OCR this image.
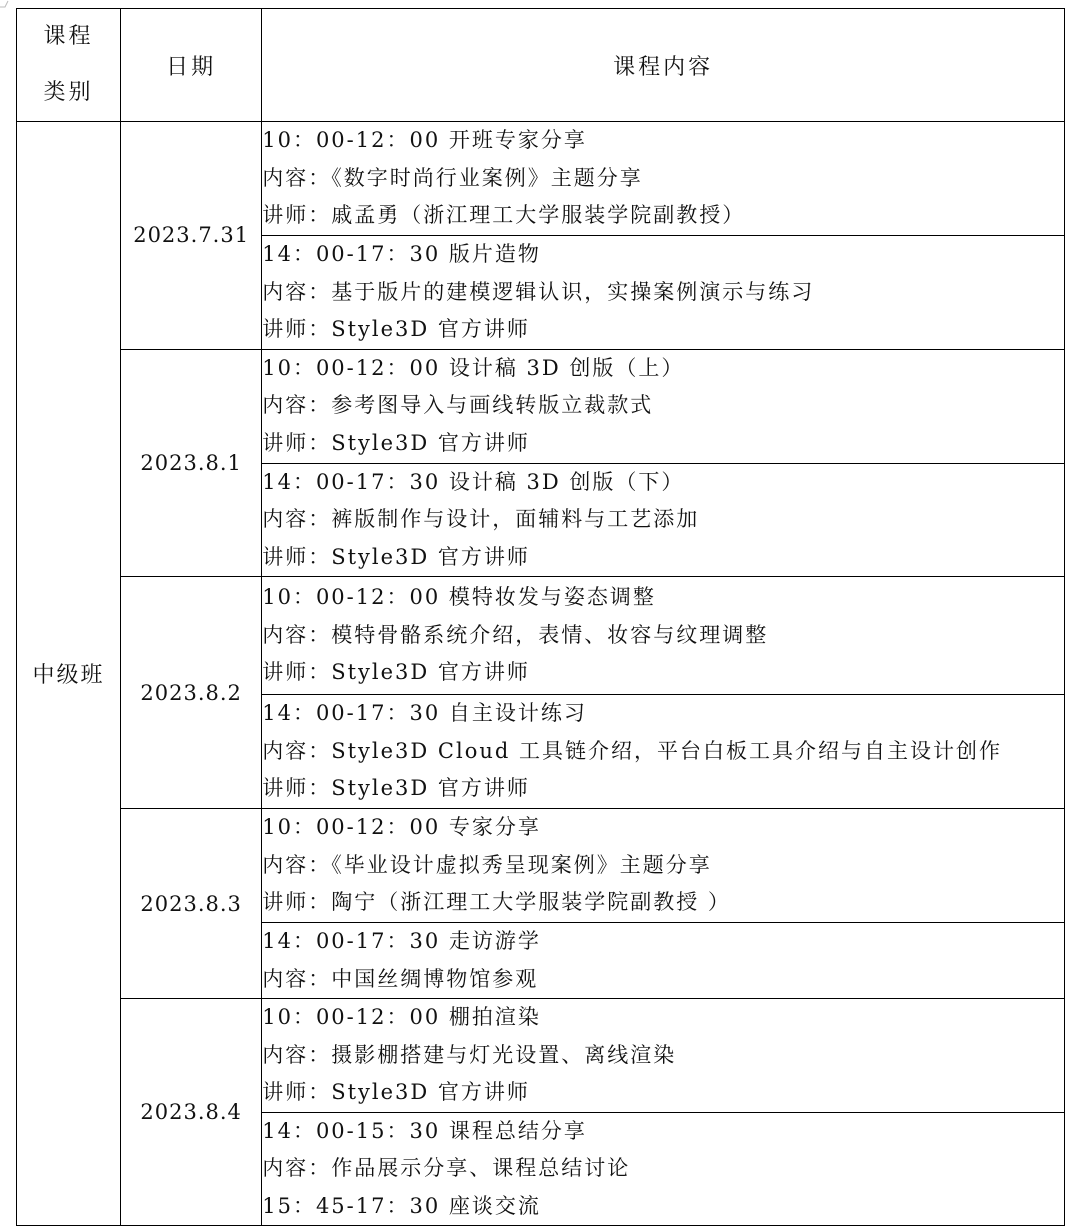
课程
类别	日期	课程内容
中级班	2023.7.31	10：00-12：00 开班专家分享
内容：《数字时尚行业案例》主题分享
讲师：戚孟勇（浙江理工大学服装学院副教授）

		14：00-17：30 版片造物
内容：基于版片的建模逻辑认识，实操案例演示与练习
讲师：Style3D 官方讲师

	2023.8.1	10：00-12：00 设计稿 3D 创版（上）
内容：参考图导入与画线转版立裁款式
讲师：Style3D 官方讲师

		14：00-17：30 设计稿 3D 创版（下）
内容：裤版制作与设计，面辅料与工艺添加
讲师：Style3D 官方讲师

	2023.8.2	10：00-12：00 模特妆发与姿态调整
内容：模特骨骼系统介绍，表情、妆容与纹理调整
讲师：Style3D 官方讲师

		14：00-17：30 自主设计练习
内容：Style3D Cloud 工具链介绍，平台白板工具介绍与自主设计创作
讲师：Style3D 官方讲师

	2023.8.3	10：00-12：00 专家分享
内容：《毕业设计虚拟秀呈现案例》主题分享
讲师：陶宁（浙江理工大学服装学院副教授 ）

		14：00-17：30 走访游学
内容：中国丝绸博物馆参观

	2023.8.4	10：00-12：00 棚拍渲染
内容：摄影棚搭建与灯光设置、离线渲染
讲师：Style3D 官方讲师

		14：00-15：30 课程总结分享
内容：作品展示分享、课程总结讨论
15：45-17：30 座谈交流
